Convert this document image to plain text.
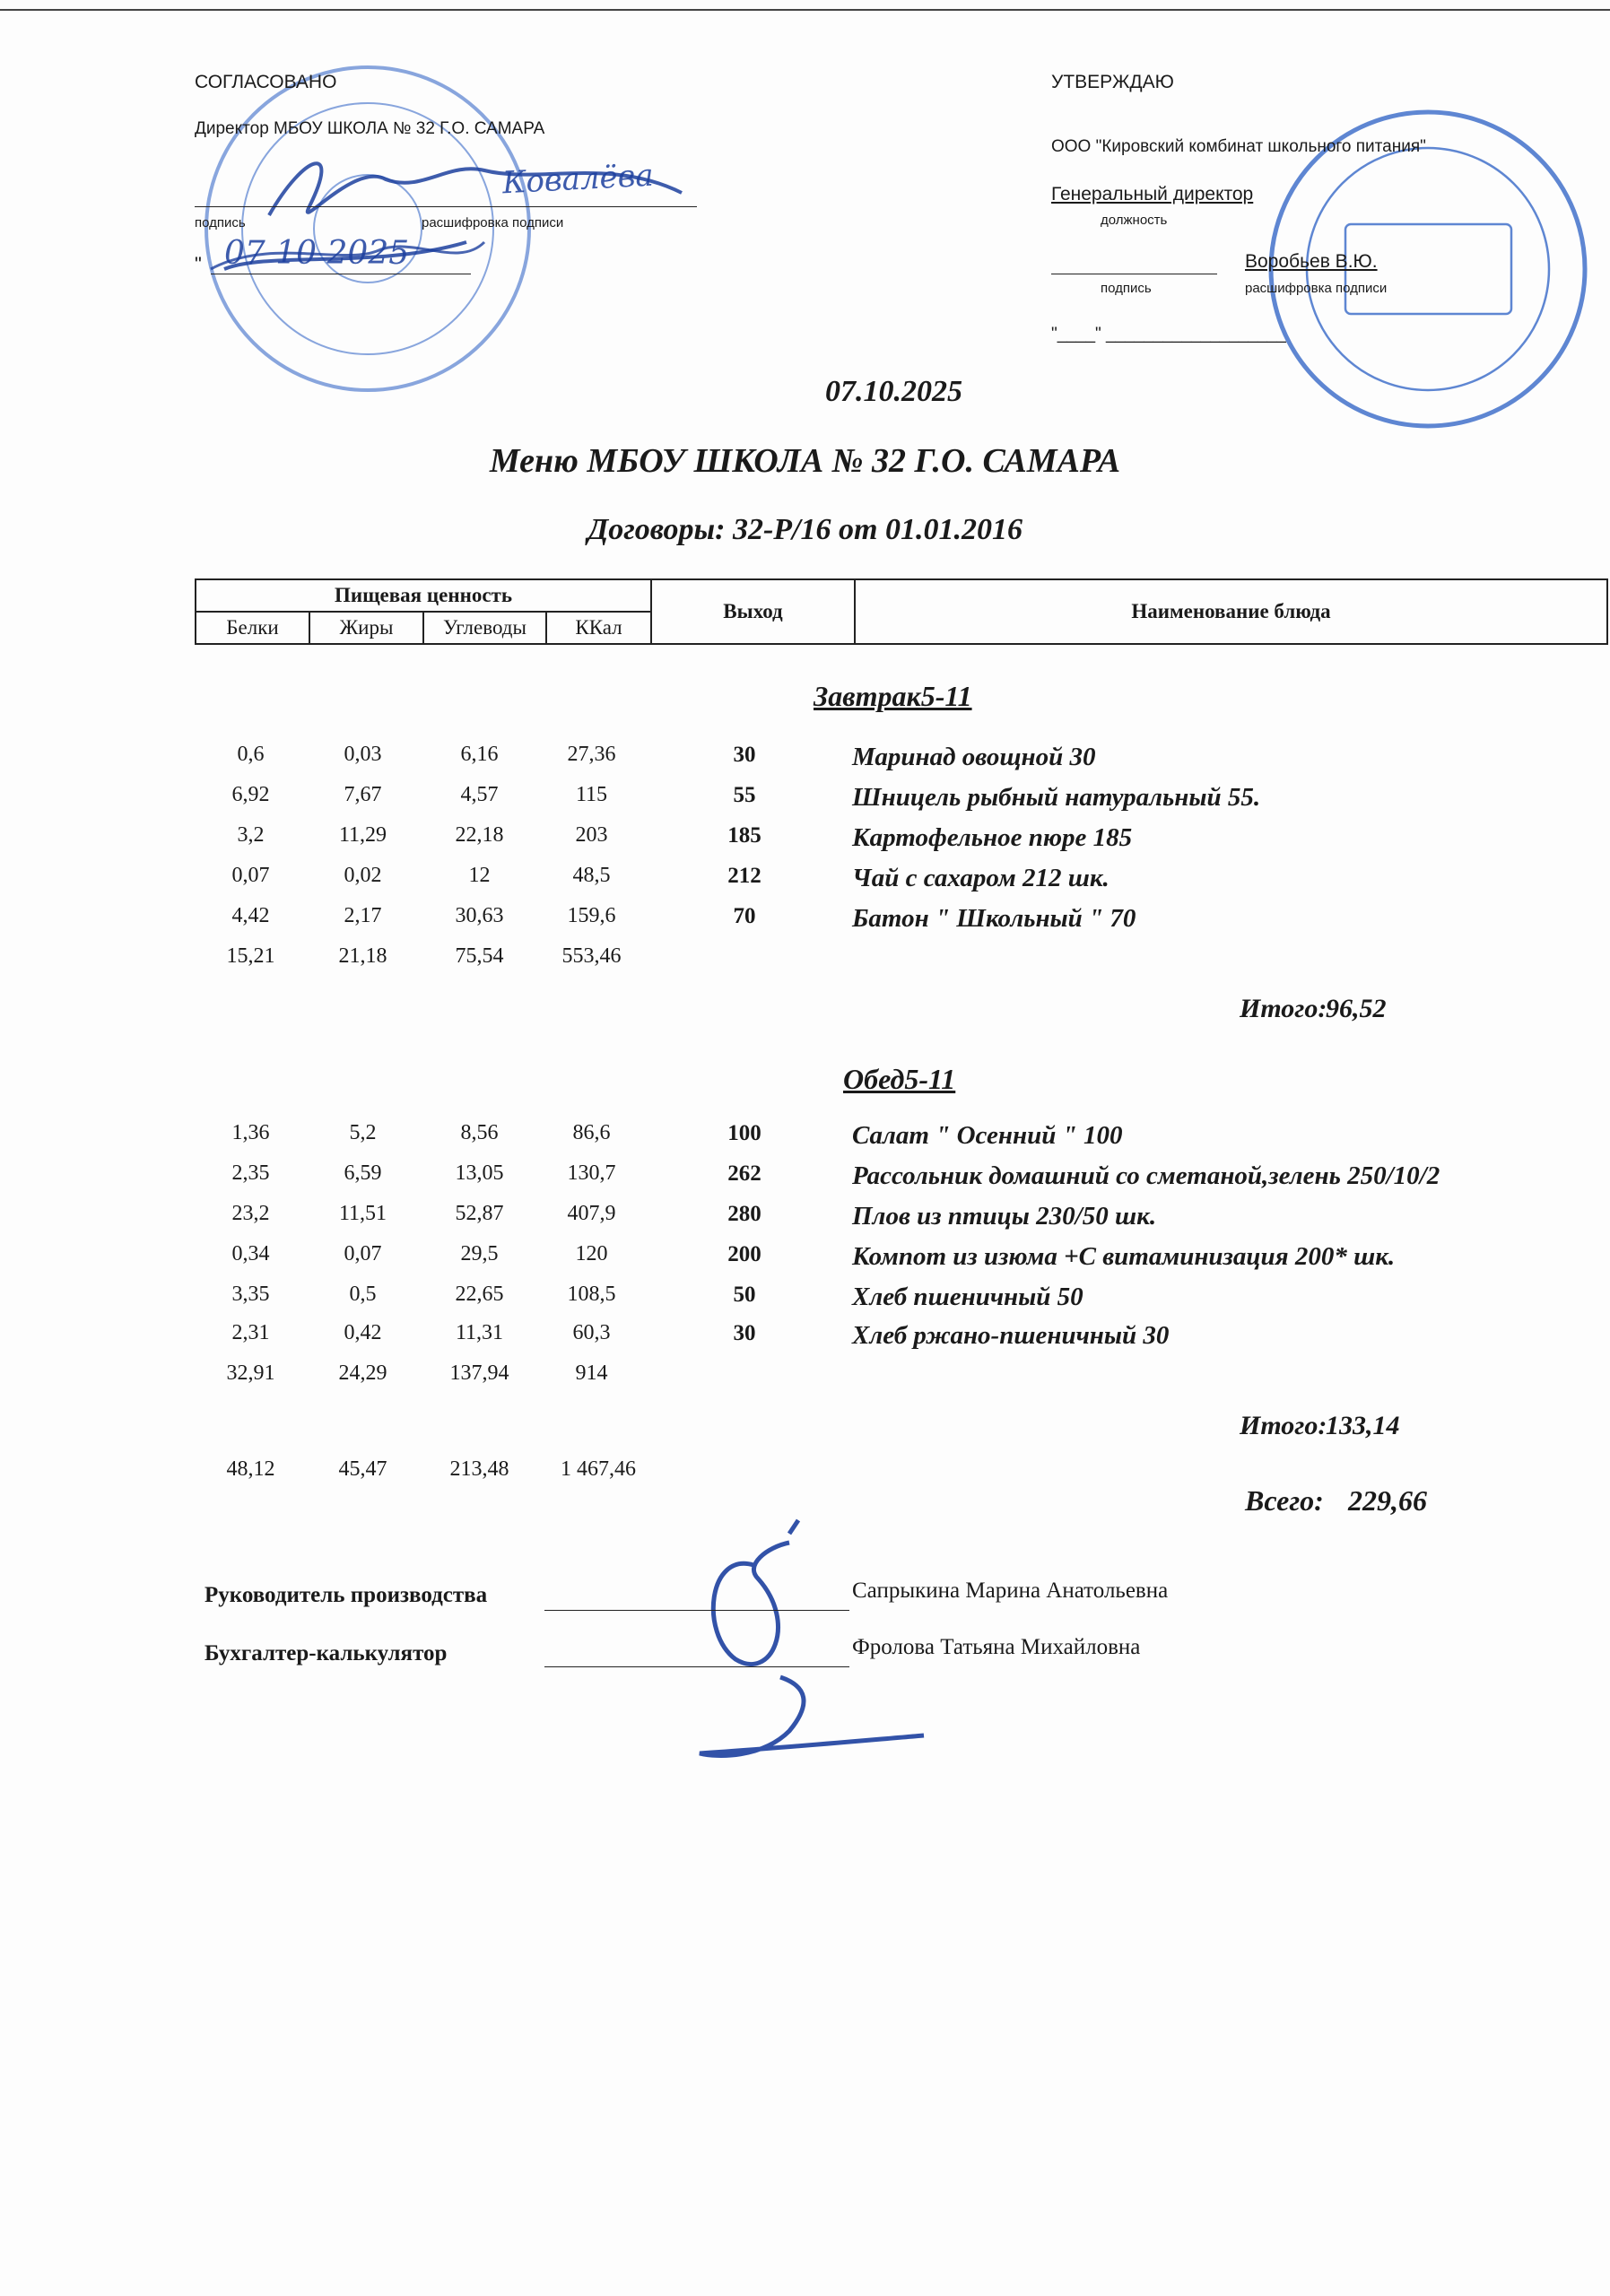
СОГЛАСОВАНО
Директор МБОУ ШКОЛА № 32 Г.О. САМАРА
подпись	расшифровка подписи
Ковалёва
" 07 10 2025
УТВЕРЖДАЮ
ООО "Кировский комбинат школьного питания"
Генеральный директор
должность
Воробьев В.Ю.
подпись	расшифровка подписи
"____" ___________________
07.10.2025
Меню МБОУ ШКОЛА № 32 Г.О. САМАРА
Договоры: 32-Р/16 от 01.01.2016
Пищевая ценность				Выход	Наименование блюда
Белки	Жиры	Углеводы	ККал		
Завтрак5-11
0,6	0,03	6,16	27,36	30	Маринад овощной 30
6,92	7,67	4,57	115	55	Шницель рыбный натуральный 55.
3,2	11,29	22,18	203	185	Картофельное пюре 185
0,07	0,02	12	48,5	212	Чай с сахаром 212 шк.
4,42	2,17	30,63	159,6	70	Батон " Школьный " 70
15,21	21,18	75,54	553,46
Итого:
96,52
Обед5-11
1,36	5,2	8,56	86,6	100	Салат " Осенний " 100
2,35	6,59	13,05	130,7	262	Рассольник домашний со сметаной,зелень 250/10/2
23,2	11,51	52,87	407,9	280	Плов из птицы 230/50 шк.
0,34	0,07	29,5	120	200	Компот из изюма +С витаминизация 200* шк.
3,35	0,5	22,65	108,5	50	Хлеб пшеничный 50
2,31	0,42	11,31	60,3	30	Хлеб ржано-пшеничный 30
32,91	24,29	137,94	914
Итого:
133,14
48,12	45,47	213,48	1 467,46
Всего: 229,66
Руководитель производства	Сапрыкина Марина Анатольевна
Бухгалтер-калькулятор	Фролова Татьяна Михайловна
